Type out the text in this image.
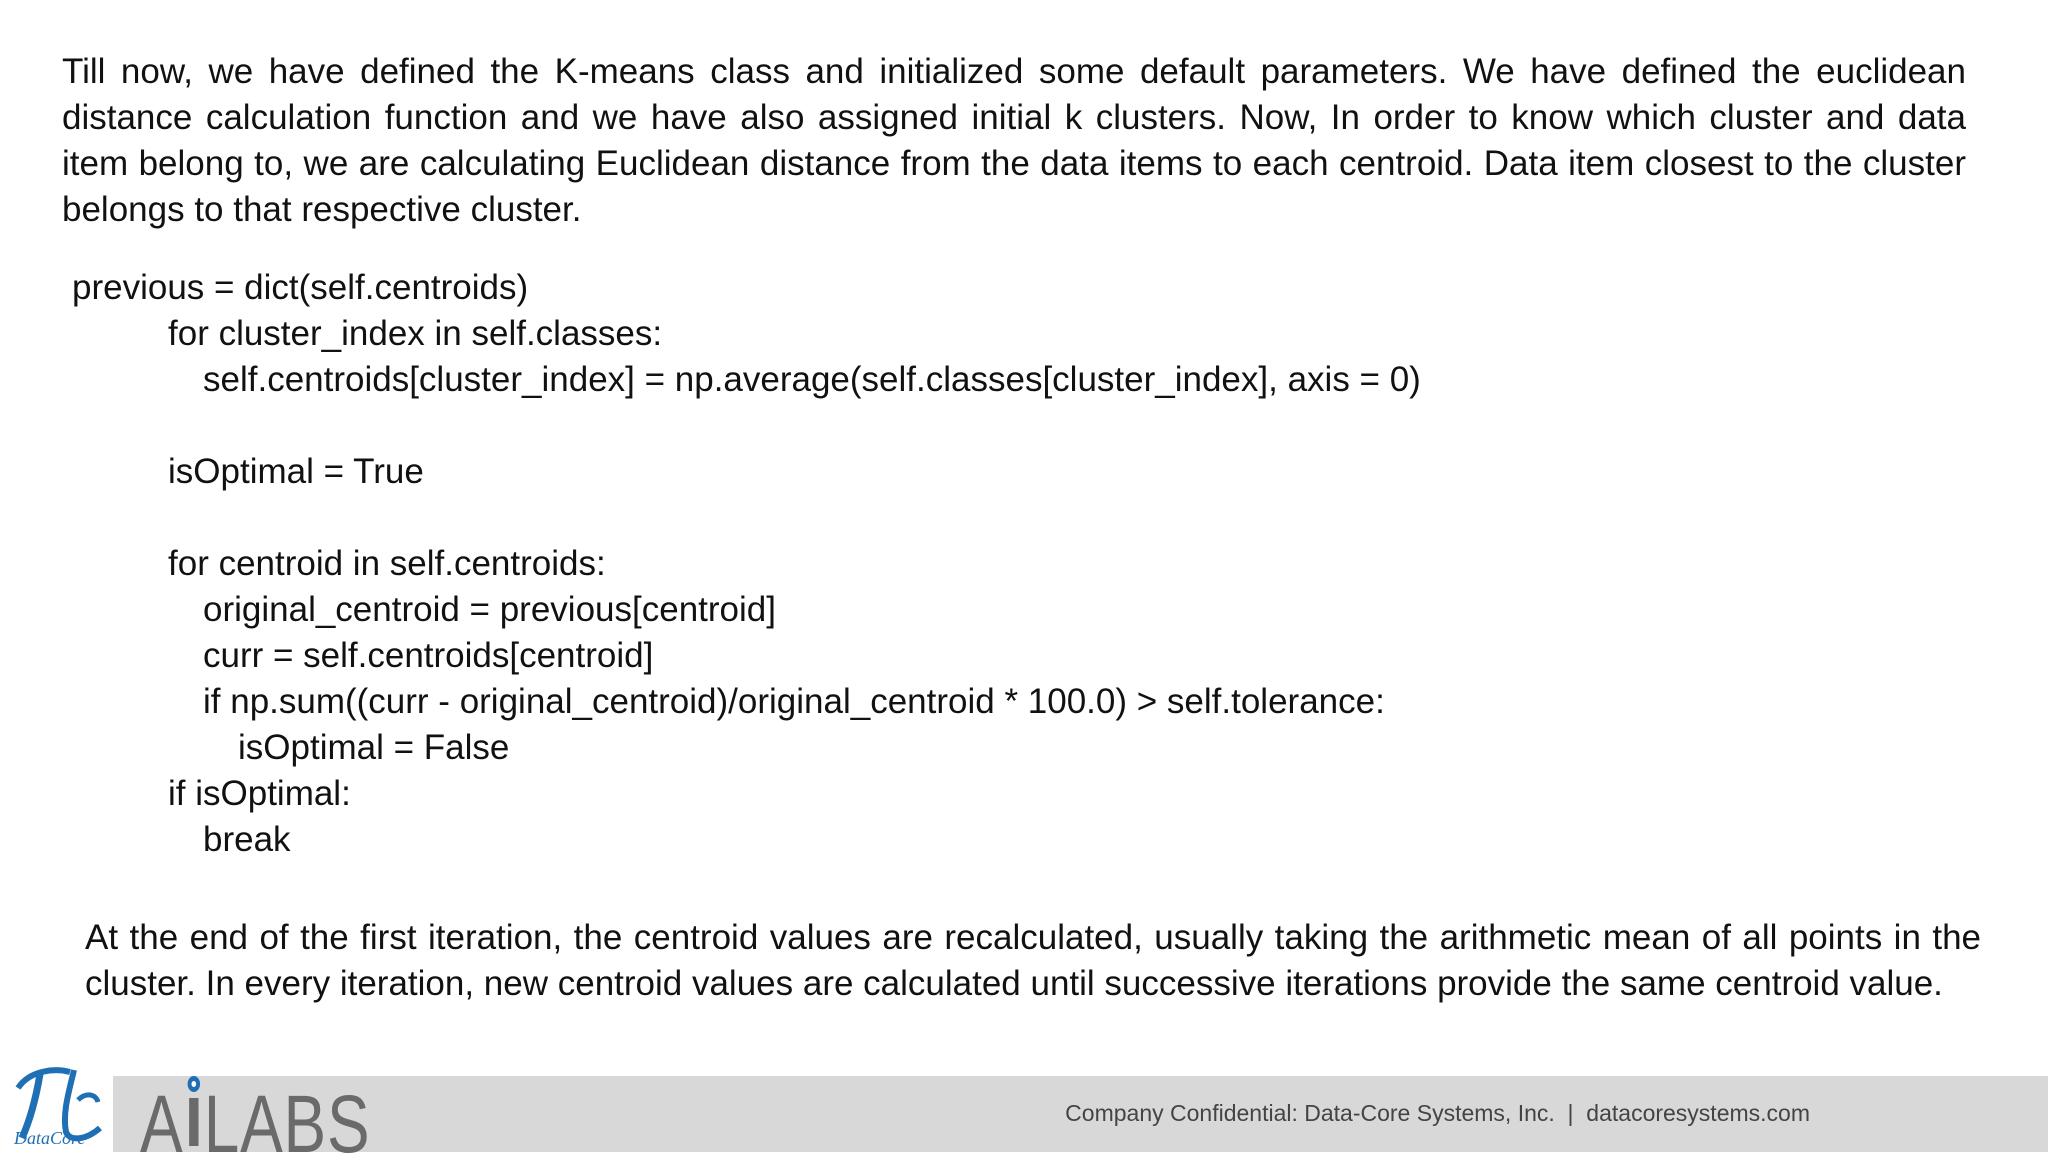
Till now, we have defined the K-means class and initialized some default parameters. We have defined the euclidean distance calculation function and we have also assigned initial k clusters. Now, In order to know which cluster and data item belong to, we are calculating Euclidean distance from the data items to each centroid. Data item closest to the cluster belongs to that respective cluster.

previous = dict(self.centroids)
for cluster_index in self.classes:
self.centroids[cluster_index] = np.average(self.classes[cluster_index], axis = 0)
isOptimal = True
for centroid in self.centroids:
original_centroid = previous[centroid]
curr = self.centroids[centroid]
if np.sum((curr - original_centroid)/original_centroid * 100.0) > self.tolerance:
isOptimal = False
if isOptimal:
break

At the end of the first iteration, the centroid values are recalculated, usually taking the arithmetic mean of all points in the cluster. In every iteration, new centroid values are calculated until successive iterations provide the same centroid value.

DataCore A LABS	Company Confidential: Data-Core Systems, Inc.  |  datacoresystems.com
